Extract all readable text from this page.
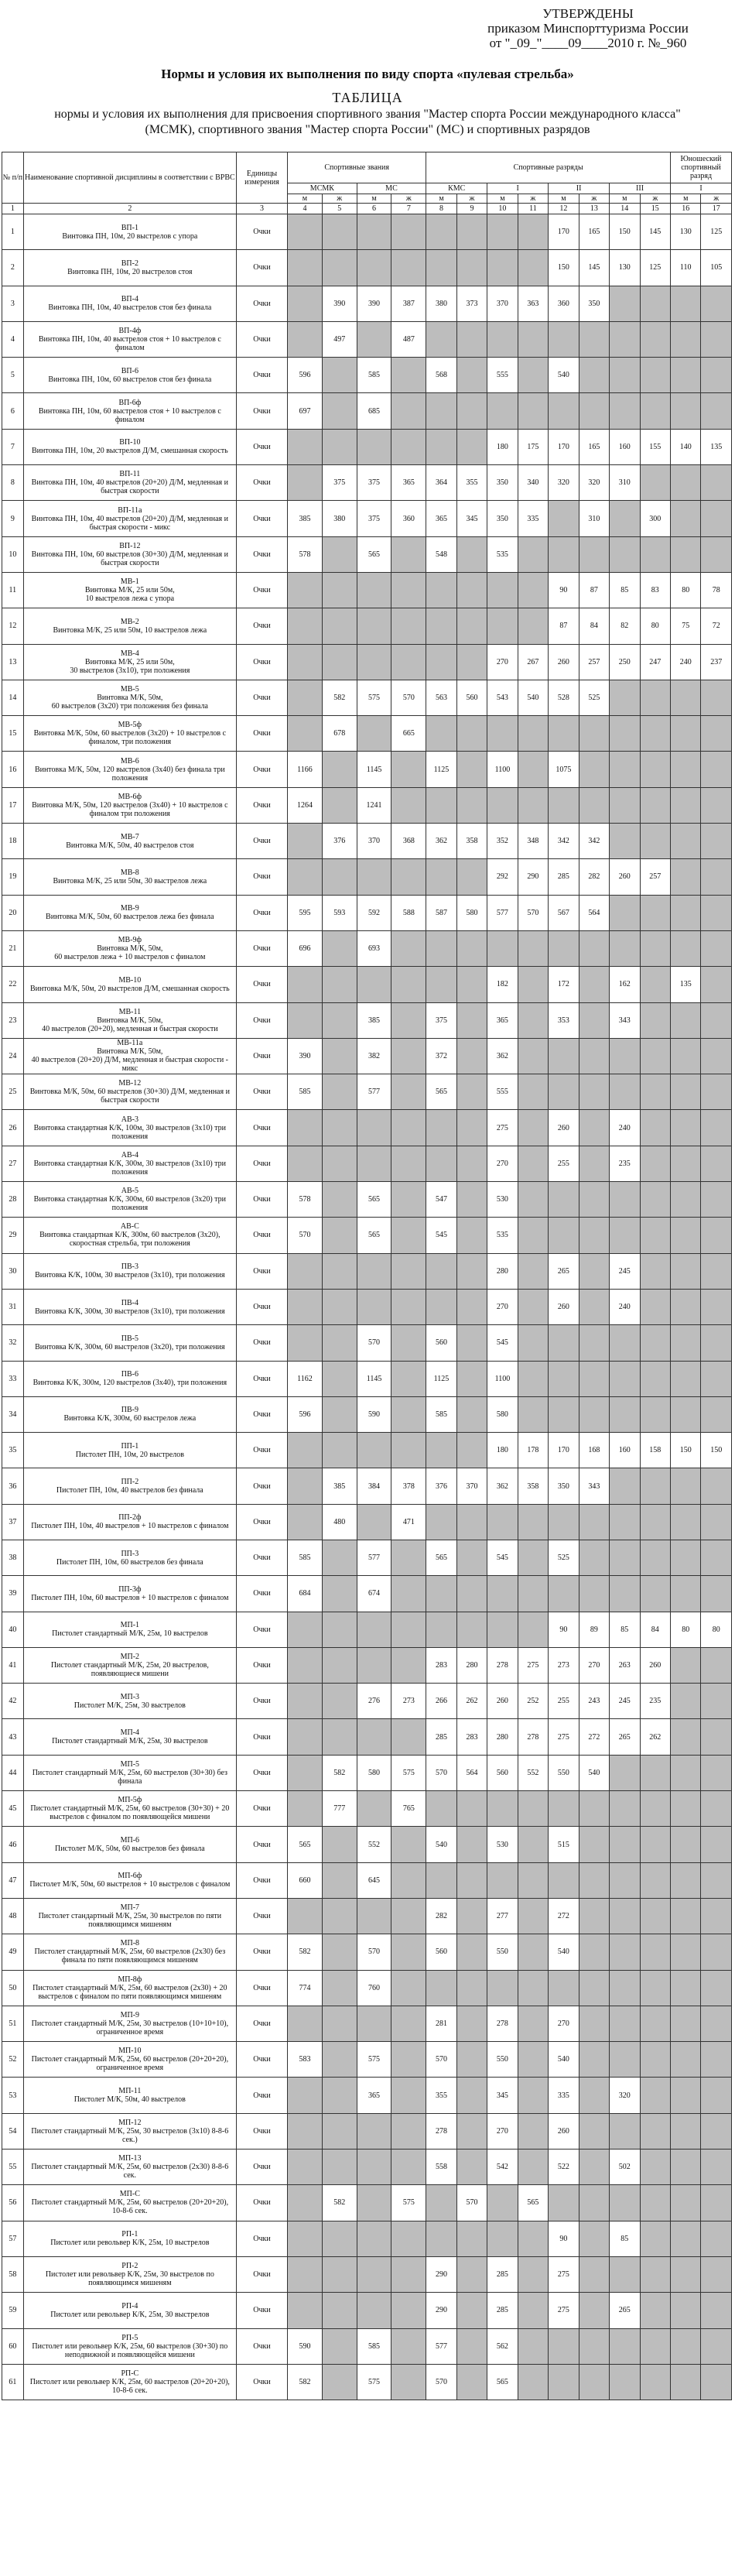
УТВЕРЖДЕНЫ
приказом Минспорттуризма России
от "_09_"____09____2010 г. №_960
Нормы и условия их выполнения по виду спорта «пулевая стрельба»
ТАБЛИЦА
нормы и условия их выполнения для присвоения спортивного звания "Мастер спорта России международного класса" (МСМК), спортивного звания "Мастер спорта России" (МС) и спортивных разрядов
№ п/п	Наименование спортивной дисциплины в соответствии с ВРВС	Единицы измерения	Спортивные звания				Спортивные разряды								Юношеский спортивный разряд	
			МСМК		МС		КМС		I		II		III		I	
			м	ж	м	ж	м	ж	м	ж	м	ж	м	ж	м	ж
1	2	3	4	5	6	7	8	9	10	11	12	13	14	15	16	17
1	ВП-1
Винтовка ПН, 10м, 20 выстрелов с упора	Очки									170	165	150	145	130	125
2	ВП-2
Винтовка ПН, 10м, 20 выстрелов стоя	Очки									150	145	130	125	110	105
3	ВП-4
Винтовка ПН, 10м, 40 выстрелов стоя без финала	Очки		390	390	387	380	373	370	363	360	350				
4	ВП-4ф
Винтовка ПН, 10м, 40 выстрелов стоя + 10 выстрелов с финалом	Очки		497		487										
5	ВП-6
Винтовка ПН, 10м, 60 выстрелов стоя без финала	Очки	596		585		568		555		540					
6	ВП-6ф
Винтовка ПН, 10м, 60 выстрелов стоя + 10 выстрелов с финалом	Очки	697		685											
7	ВП-10
Винтовка ПН, 10м, 20 выстрелов Д/М, смешанная скорость	Очки							180	175	170	165	160	155	140	135
8	ВП-11
Винтовка ПН, 10м, 40 выстрелов (20+20) Д/М, медленная и быстрая скорости	Очки		375	375	365	364	355	350	340	320	320	310			
9	ВП-11а
Винтовка ПН, 10м, 40 выстрелов (20+20) Д/М, медленная и быстрая скорости - микс	Очки	385	380	375	360	365	345	350	335		310		300		
10	ВП-12
Винтовка ПН, 10м, 60 выстрелов (30+30) Д/М, медленная и быстрая скорости	Очки	578		565		548		535							
11	МВ-1
Винтовка М/К, 25 или 50м,
10 выстрелов лежа с упора	Очки									90	87	85	83	80	78
12	МВ-2
Винтовка М/К, 25 или 50м, 10 выстрелов лежа	Очки									87	84	82	80	75	72
13	МВ-4
Винтовка М/К, 25 или 50м,
30 выстрелов (3х10), три положения	Очки							270	267	260	257	250	247	240	237
14	МВ-5
Винтовка М/К, 50м,
60 выстрелов (3х20) три положения без финала	Очки		582	575	570	563	560	543	540	528	525				
15	МВ-5ф
Винтовка М/К, 50м, 60 выстрелов (3х20) + 10 выстрелов с финалом, три положения	Очки		678		665										
16	МВ-6
Винтовка М/К, 50м, 120 выстрелов (3х40) без финала три положения	Очки	1166		1145		1125		1100		1075					
17	МВ-6ф
Винтовка М/К, 50м, 120 выстрелов (3х40) + 10 выстрелов с финалом три положения	Очки	1264		1241											
18	МВ-7
Винтовка М/К, 50м, 40 выстрелов стоя	Очки		376	370	368	362	358	352	348	342	342				
19	МВ-8
Винтовка М/К, 25 или 50м, 30 выстрелов лежа	Очки							292	290	285	282	260	257		
20	МВ-9
Винтовка М/К, 50м, 60 выстрелов лежа без финала	Очки	595	593	592	588	587	580	577	570	567	564				
21	МВ-9ф
Винтовка М/К, 50м,
60 выстрелов лежа + 10 выстрелов с финалом	Очки	696		693											
22	МВ-10
Винтовка М/К, 50м, 20 выстрелов Д/М, смешанная скорость	Очки							182		172		162		135	
23	МВ-11
Винтовка М/К, 50м,
40 выстрелов (20+20), медленная и быстрая скорости	Очки			385		375		365		353		343			
24	МВ-11а
Винтовка М/К, 50м,
40 выстрелов (20+20) Д/М, медленная и быстрая скорости - микс	Очки	390		382		372		362							
25	МВ-12
Винтовка М/К, 50м, 60 выстрелов (30+30) Д/М, медленная и быстрая скорости	Очки	585		577		565		555							
26	АВ-3
Винтовка стандартная К/К, 100м, 30 выстрелов (3х10) три положения	Очки							275		260		240			
27	АВ-4
Винтовка стандартная К/К, 300м, 30 выстрелов (3х10) три положения	Очки							270		255		235			
28	АВ-5
Винтовка стандартная К/К, 300м, 60 выстрелов (3х20) три положения	Очки	578		565		547		530							
29	АВ-С
Винтовка стандартная К/К, 300м, 60 выстрелов (3х20), скоростная стрельба, три положения	Очки	570		565		545		535							
30	ПВ-3
Винтовка К/К, 100м, 30 выстрелов (3х10), три положения	Очки							280		265		245			
31	ПВ-4
Винтовка К/К, 300м, 30 выстрелов (3х10), три положения	Очки							270		260		240			
32	ПВ-5
Винтовка К/К, 300м, 60 выстрелов (3х20), три положения	Очки			570		560		545							
33	ПВ-6
Винтовка К/К, 300м, 120 выстрелов (3х40), три положения	Очки	1162		1145		1125		1100							
34	ПВ-9
Винтовка К/К, 300м, 60 выстрелов лежа	Очки	596		590		585		580							
35	ПП-1
Пистолет ПН, 10м, 20 выстрелов	Очки							180	178	170	168	160	158	150	150
36	ПП-2
Пистолет ПН, 10м, 40 выстрелов без финала	Очки		385	384	378	376	370	362	358	350	343				
37	ПП-2ф
Пистолет ПН, 10м, 40 выстрелов + 10 выстрелов с финалом	Очки		480		471										
38	ПП-3
Пистолет ПН, 10м, 60 выстрелов без финала	Очки	585		577		565		545		525					
39	ПП-3ф
Пистолет ПН, 10м, 60 выстрелов + 10 выстрелов с финалом	Очки	684		674											
40	МП-1
Пистолет стандартный М/К, 25м, 10 выстрелов	Очки									90	89	85	84	80	80
41	МП-2
Пистолет стандартный М/К, 25м, 20 выстрелов, появляющиеся мишени	Очки					283	280	278	275	273	270	263	260		
42	МП-3
Пистолет М/К, 25м, 30 выстрелов	Очки			276	273	266	262	260	252	255	243	245	235		
43	МП-4
Пистолет стандартный М/К, 25м, 30 выстрелов	Очки					285	283	280	278	275	272	265	262		
44	МП-5
Пистолет стандартный М/К, 25м, 60 выстрелов (30+30) без финала	Очки		582	580	575	570	564	560	552	550	540				
45	МП-5ф
Пистолет стандартный М/К, 25м, 60 выстрелов (30+30) + 20 выстрелов с финалом по появляющейся мишени	Очки		777		765										
46	МП-6
Пистолет М/К, 50м, 60 выстрелов без финала	Очки	565		552		540		530		515					
47	МП-6ф
Пистолет М/К, 50м, 60 выстрелов + 10 выстрелов с финалом	Очки	660		645											
48	МП-7
Пистолет стандартный М/К, 25м, 30 выстрелов по пяти появляющимся мишеням	Очки					282		277		272					
49	МП-8
Пистолет стандартный М/К, 25м, 60 выстрелов (2х30) без финала по пяти появляющимся мишеням	Очки	582		570		560		550		540					
50	МП-8ф
Пистолет стандартный М/К, 25м, 60 выстрелов (2х30) + 20 выстрелов с финалом по пяти появляющимся мишеням	Очки	774		760											
51	МП-9
Пистолет стандартный М/К, 25м, 30 выстрелов (10+10+10), ограниченное время	Очки					281		278		270					
52	МП-10
Пистолет стандартный М/К, 25м, 60 выстрелов (20+20+20), ограниченное время	Очки	583		575		570		550		540					
53	МП-11
Пистолет М/К, 50м, 40 выстрелов	Очки			365		355		345		335		320			
54	МП-12
Пистолет стандартный М/К, 25м, 30 выстрелов (3х10) 8-8-6 сек.)	Очки					278		270		260					
55	МП-13
Пистолет стандартный М/К, 25м, 60 выстрелов (2х30) 8-8-6 сек.	Очки					558		542		522		502			
56	МП-С
Пистолет стандартный М/К, 25м, 60 выстрелов (20+20+20), 10-8-6 сек.	Очки		582		575		570		565						
57	РП-1
Пистолет или револьвер К/К, 25м, 10 выстрелов	Очки									90		85			
58	РП-2
Пистолет или револьвер К/К, 25м, 30 выстрелов по появляющимся мишеням	Очки					290		285		275					
59	РП-4
Пистолет или револьвер К/К, 25м, 30 выстрелов	Очки					290		285		275		265			
60	РП-5
Пистолет или револьвер К/К, 25м, 60 выстрелов (30+30) по неподвижной и появляющейся мишени	Очки	590		585		577		562							
61	РП-С
Пистолет или револьвер К/К, 25м, 60 выстрелов (20+20+20), 10-8-6 сек.	Очки	582		575		570		565							
